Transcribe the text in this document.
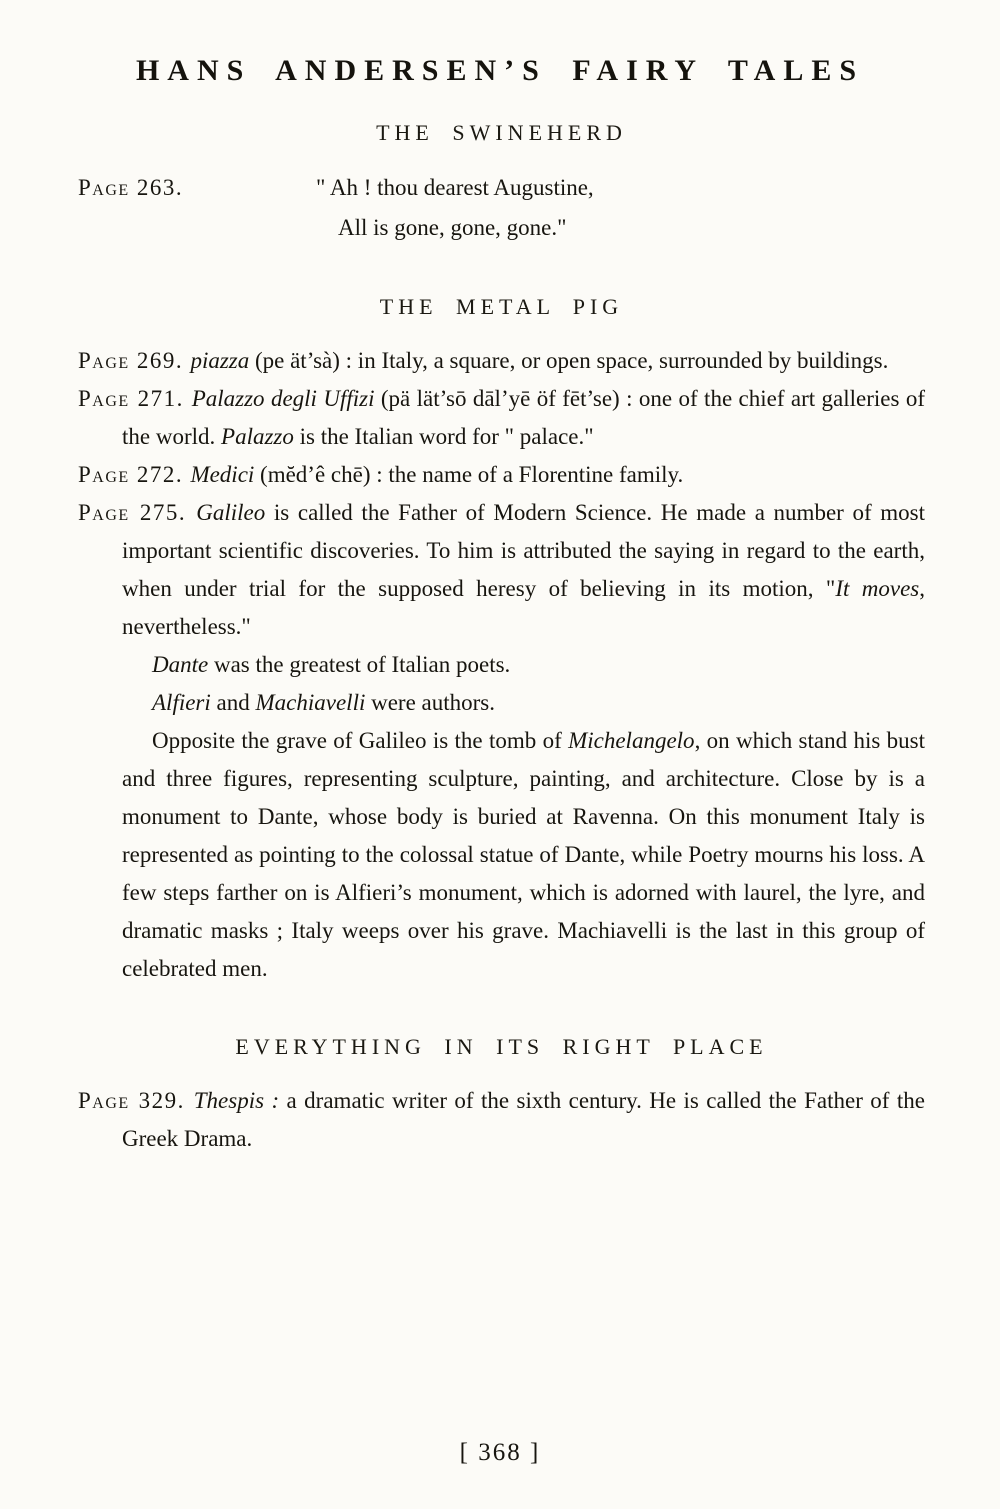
HANS ANDERSEN’S FAIRY TALES
THE SWINEHERD
Page 263.	" Ah ! thou dearest Augustine,
All is gone, gone, gone."
THE METAL PIG

Page 269. piazza (pe ät’sà) : in Italy, a square, or open space, surrounded by buildings.

Page 271. Palazzo degli Uffizi (pä lät’sō dāl’yē öf fēt’se) : one of the chief art galleries of the world. Palazzo is the Italian word for " palace."

Page 272. Medici (mĕd’ê chē) : the name of a Florentine family.

Page 275. Galileo is called the Father of Modern Science. He made a number of most important scientific discoveries. To him is attributed the saying in regard to the earth, when under trial for the supposed heresy of believing in its motion, "It moves, nevertheless."

Dante was the greatest of Italian poets.

Alfieri and Machiavelli were authors.

Opposite the grave of Galileo is the tomb of Michelangelo, on which stand his bust and three figures, representing sculpture, painting, and architecture. Close by is a monument to Dante, whose body is buried at Ravenna. On this monument Italy is represented as pointing to the colossal statue of Dante, while Poetry mourns his loss. A few steps farther on is Alfieri’s monument, which is adorned with laurel, the lyre, and dramatic masks ; Italy weeps over his grave. Machiavelli is the last in this group of celebrated men.

EVERYTHING IN ITS RIGHT PLACE

Page 329. Thespis : a dramatic writer of the sixth century. He is called the Father of the Greek Drama.

[ 368 ]
